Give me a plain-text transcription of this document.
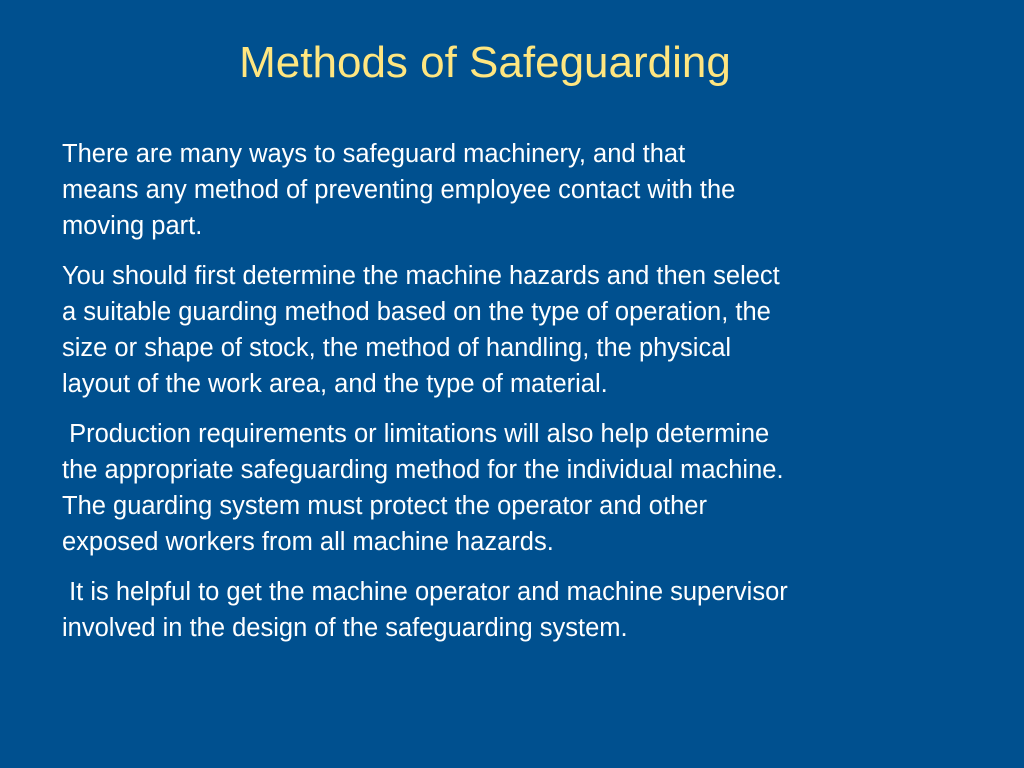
Methods of Safeguarding

There are many ways to safeguard machinery, and that
means any method of preventing employee contact with the
moving part.

You should first determine the machine hazards and then select
a suitable guarding method based on the type of operation, the
size or shape of stock, the method of handling, the physical
layout of the work area, and the type of material.

Production requirements or limitations will also help determine
the appropriate safeguarding method for the individual machine.
The guarding system must protect the operator and other
exposed workers from all machine hazards.

It is helpful to get the machine operator and machine supervisor
involved in the design of the safeguarding system.
